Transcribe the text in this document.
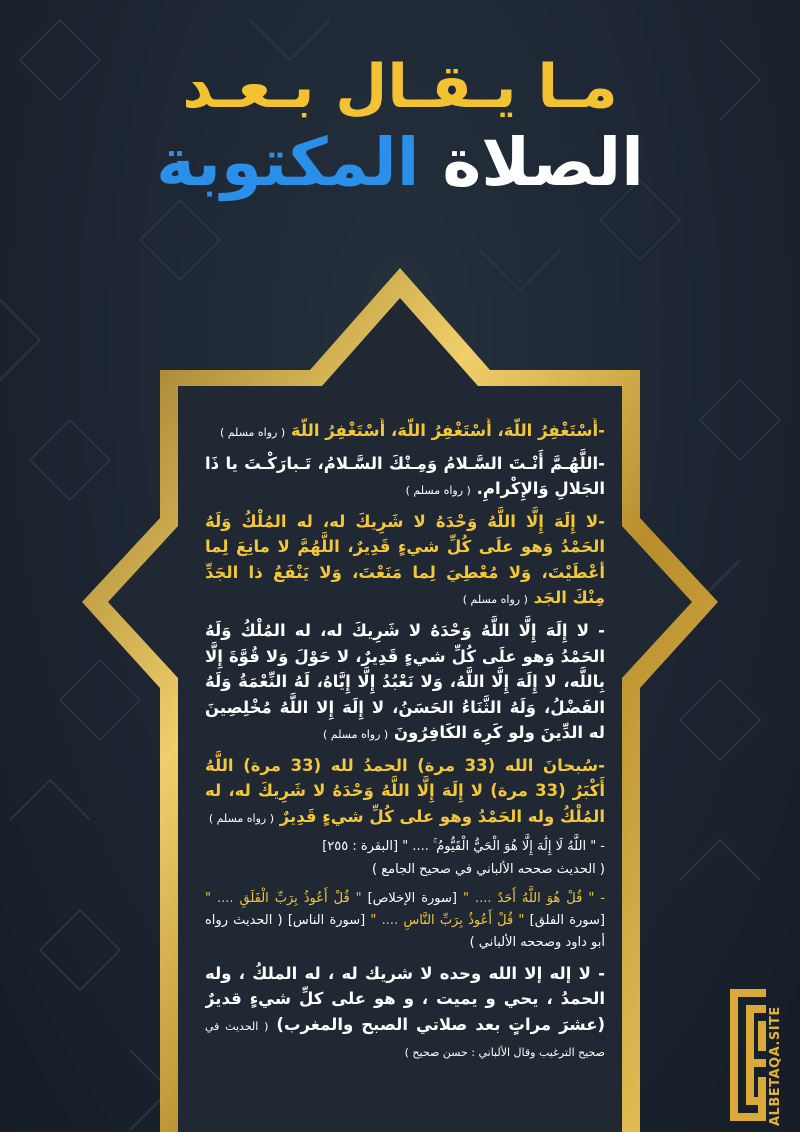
مـا يـقـال بـعـد
الصلاة المكتوبة
-أَسْتَغْفِرُ اللَّهَ، أَسْتَغْفِرُ اللَّهَ، أَسْتَغْفِرُ اللَّهَ ( رواه مسلم )
-اللَّهُـمَّ أَنْـتَ السَّـلامُ وَمِـنْكَ السَّـلامُ، تَـبارَكْـتَ يا ذَا الجَلالِ وَالإِكْرامِ. ( رواه مسلم )
-لا إِلَهَ إِلَّا اللَّهُ وَحْدَهُ لا شَرِيكَ له، له المُلْكُ وَلَهُ الحَمْدُ وَهو علَى كُلِّ شيءٍ قَدِيرٌ، اللَّهُمَّ لا مانِعَ لِما أعْطَيْتَ، وَلا مُعْطِيَ لِما مَنَعْتَ، وَلا يَنْفَعُ ذا الجَدِّ مِنْكَ الجَد ( رواه مسلم )
- لا إِلَهَ إِلَّا اللَّهُ وَحْدَهُ لا شَرِيكَ له، له المُلْكُ وَلَهُ الحَمْدُ وَهو علَى كُلِّ شيءٍ قَدِيرٌ، لا حَوْلَ وَلا قُوَّةَ إِلَّا بِاللَّه، لا إِلَهَ إِلَّا اللَّهُ، وَلا نَعْبُدُ إِلَّا إِيَّاهُ، لَهُ النِّعْمَةُ وَلَهُ الفَضْلُ، وَلَهُ الثَّنَاءُ الحَسَنُ، لا إِلَهَ إِلا اللَّهُ مُخْلِصِينَ له الدِّينَ ولو كَرِهَ الكَافِرُونَ ( رواه مسلم )
-سُبحانَ الله (33 مرة) الحمدُ لله (33 مرة) اللَّهُ أَكْبَرُ (33 مرة) لا إِلَهَ إِلَّا اللَّهُ وَحْدَهُ لا شَرِيكَ له، له المُلْكُ وله الحَمْدُ وهو على كُلِّ شيءٍ قَدِيرٌ ( رواه مسلم )
- " اللَّهُ لَا إِلَٰهَ إِلَّا هُوَ الْحَيُّ الْقَيُّومُ ۚ .... " [البقرة : ٢٥٥]
( الحديث صححه الألباني في صحيح الجامع )
- " قُلْ هُوَ اللَّهُ أَحَدٌ .... " [سورة الإخلاص] " قُلْ أَعُوذُ بِرَبِّ الْفَلَقِ .... " [سورة الفلق] " قُلْ أَعُوذُ بِرَبِّ النَّاسِ .... " [سورة الناس] ( الحديث رواه أبو داود وصححه الألباني )
- لا إله إلا الله وحده لا شريك له ، له الملكُ ، وله الحمدُ ، يحي و يميت ، و هو على كلِّ شيءٍ قديرٌ (عشرَ مراتٍ بعد صلاتي الصبح والمغرب) ( الحديث في صحيح الترغيب وقال الألباني : حسن صحيح )	ALBETAQA.SITE
